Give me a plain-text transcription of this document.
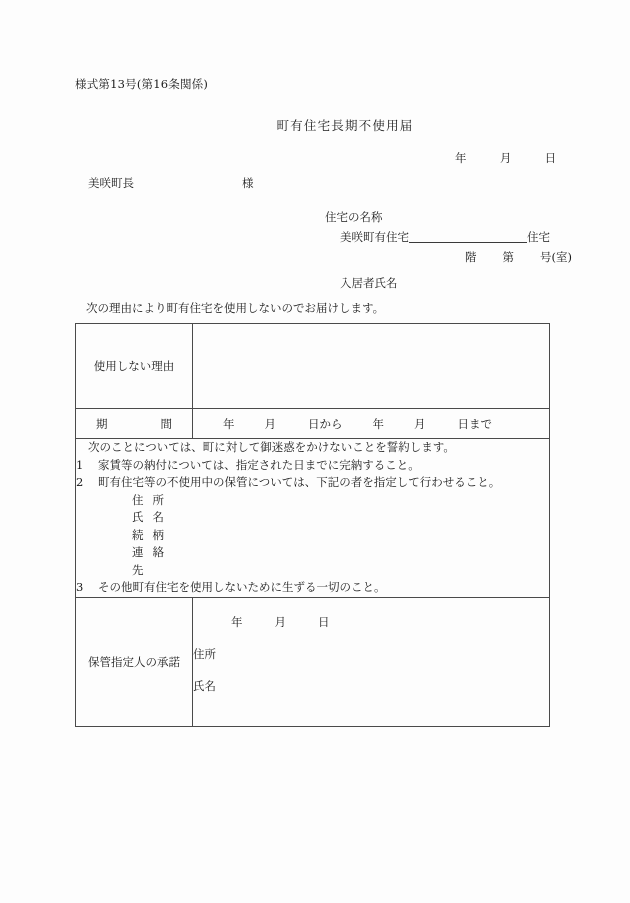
様式第13号(第16条関係)
町有住宅長期不使用届
年	月	日
美咲町長	様
住宅の名称
美咲町有住宅	住宅
階 第 号(室)
入居者氏名
次の理由により町有住宅を使用しないのでお届けします。
使用しない理由	
期間	年 月 日から 年 月 日まで

次のことについては、町に対して御迷惑をかけないことを誓約します。
1 家賃等の納付については、指定された日までに完納すること。
2 町有住宅等の不使用中の保管については、下記の者を指定して行わせること。
住所
氏名
続柄
連絡先
3 その他町有住宅を使用しないために生ずる一切のこと。

保管指定人の承諾	年 月 日
住所
氏名
